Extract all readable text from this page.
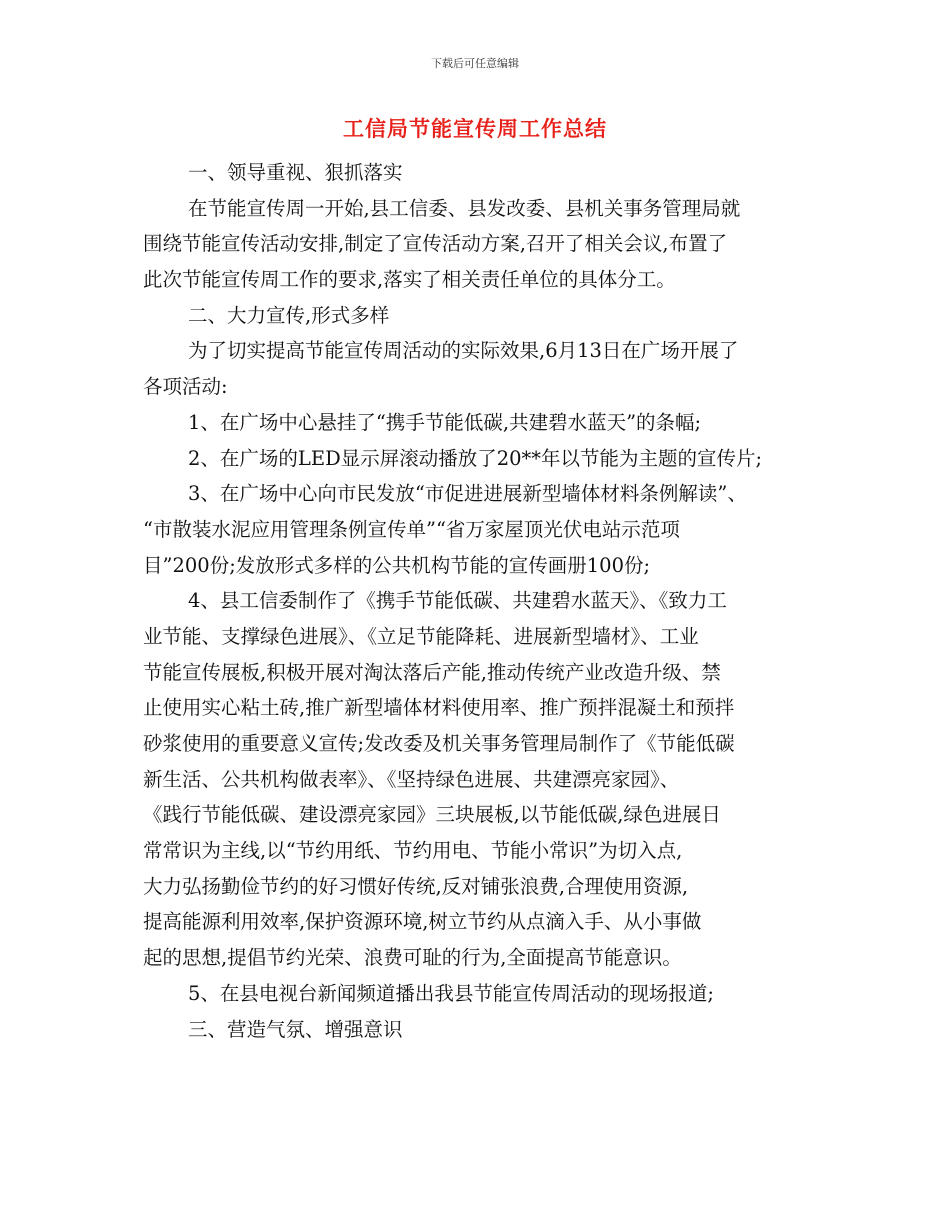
下载后可任意编辑
工信局节能宣传周工作总结
一、领导重视、狠抓落实
在节能宣传周一开始,县工信委、县发改委、县机关事务管理局就
围绕节能宣传活动安排,制定了宣传活动方案,召开了相关会议,布置了
此次节能宣传周工作的要求,落实了相关责任单位的具体分工。
二、大力宣传,形式多样
为了切实提高节能宣传周活动的实际效果,6月13日在广场开展了
各项活动:
1、在广场中心悬挂了“携手节能低碳,共建碧水蓝天”的条幅;
2、在广场的LED显示屏滚动播放了20**年以节能为主题的宣传片;
3、在广场中心向市民发放“市促进进展新型墙体材料条例解读”、
“市散装水泥应用管理条例宣传单”“省万家屋顶光伏电站示范项
目”200份;发放形式多样的公共机构节能的宣传画册100份;
4、县工信委制作了《携手节能低碳、共建碧水蓝天》、《致力工
业节能、支撑绿色进展》、《立足节能降耗、进展新型墙材》、工业
节能宣传展板,积极开展对淘汰落后产能,推动传统产业改造升级、禁
止使用实心粘土砖,推广新型墙体材料使用率、推广预拌混凝土和预拌
砂浆使用的重要意义宣传;发改委及机关事务管理局制作了《节能低碳
新生活、公共机构做表率》、《坚持绿色进展、共建漂亮家园》、
《践行节能低碳、建设漂亮家园》三块展板,以节能低碳,绿色进展日
常常识为主线,以“节约用纸、节约用电、节能小常识”为切入点,
大力弘扬勤俭节约的好习惯好传统,反对铺张浪费,合理使用资源,
提高能源利用效率,保护资源环境,树立节约从点滴入手、从小事做
起的思想,提倡节约光荣、浪费可耻的行为,全面提高节能意识。
5、在县电视台新闻频道播出我县节能宣传周活动的现场报道;
三、营造气氛、增强意识
